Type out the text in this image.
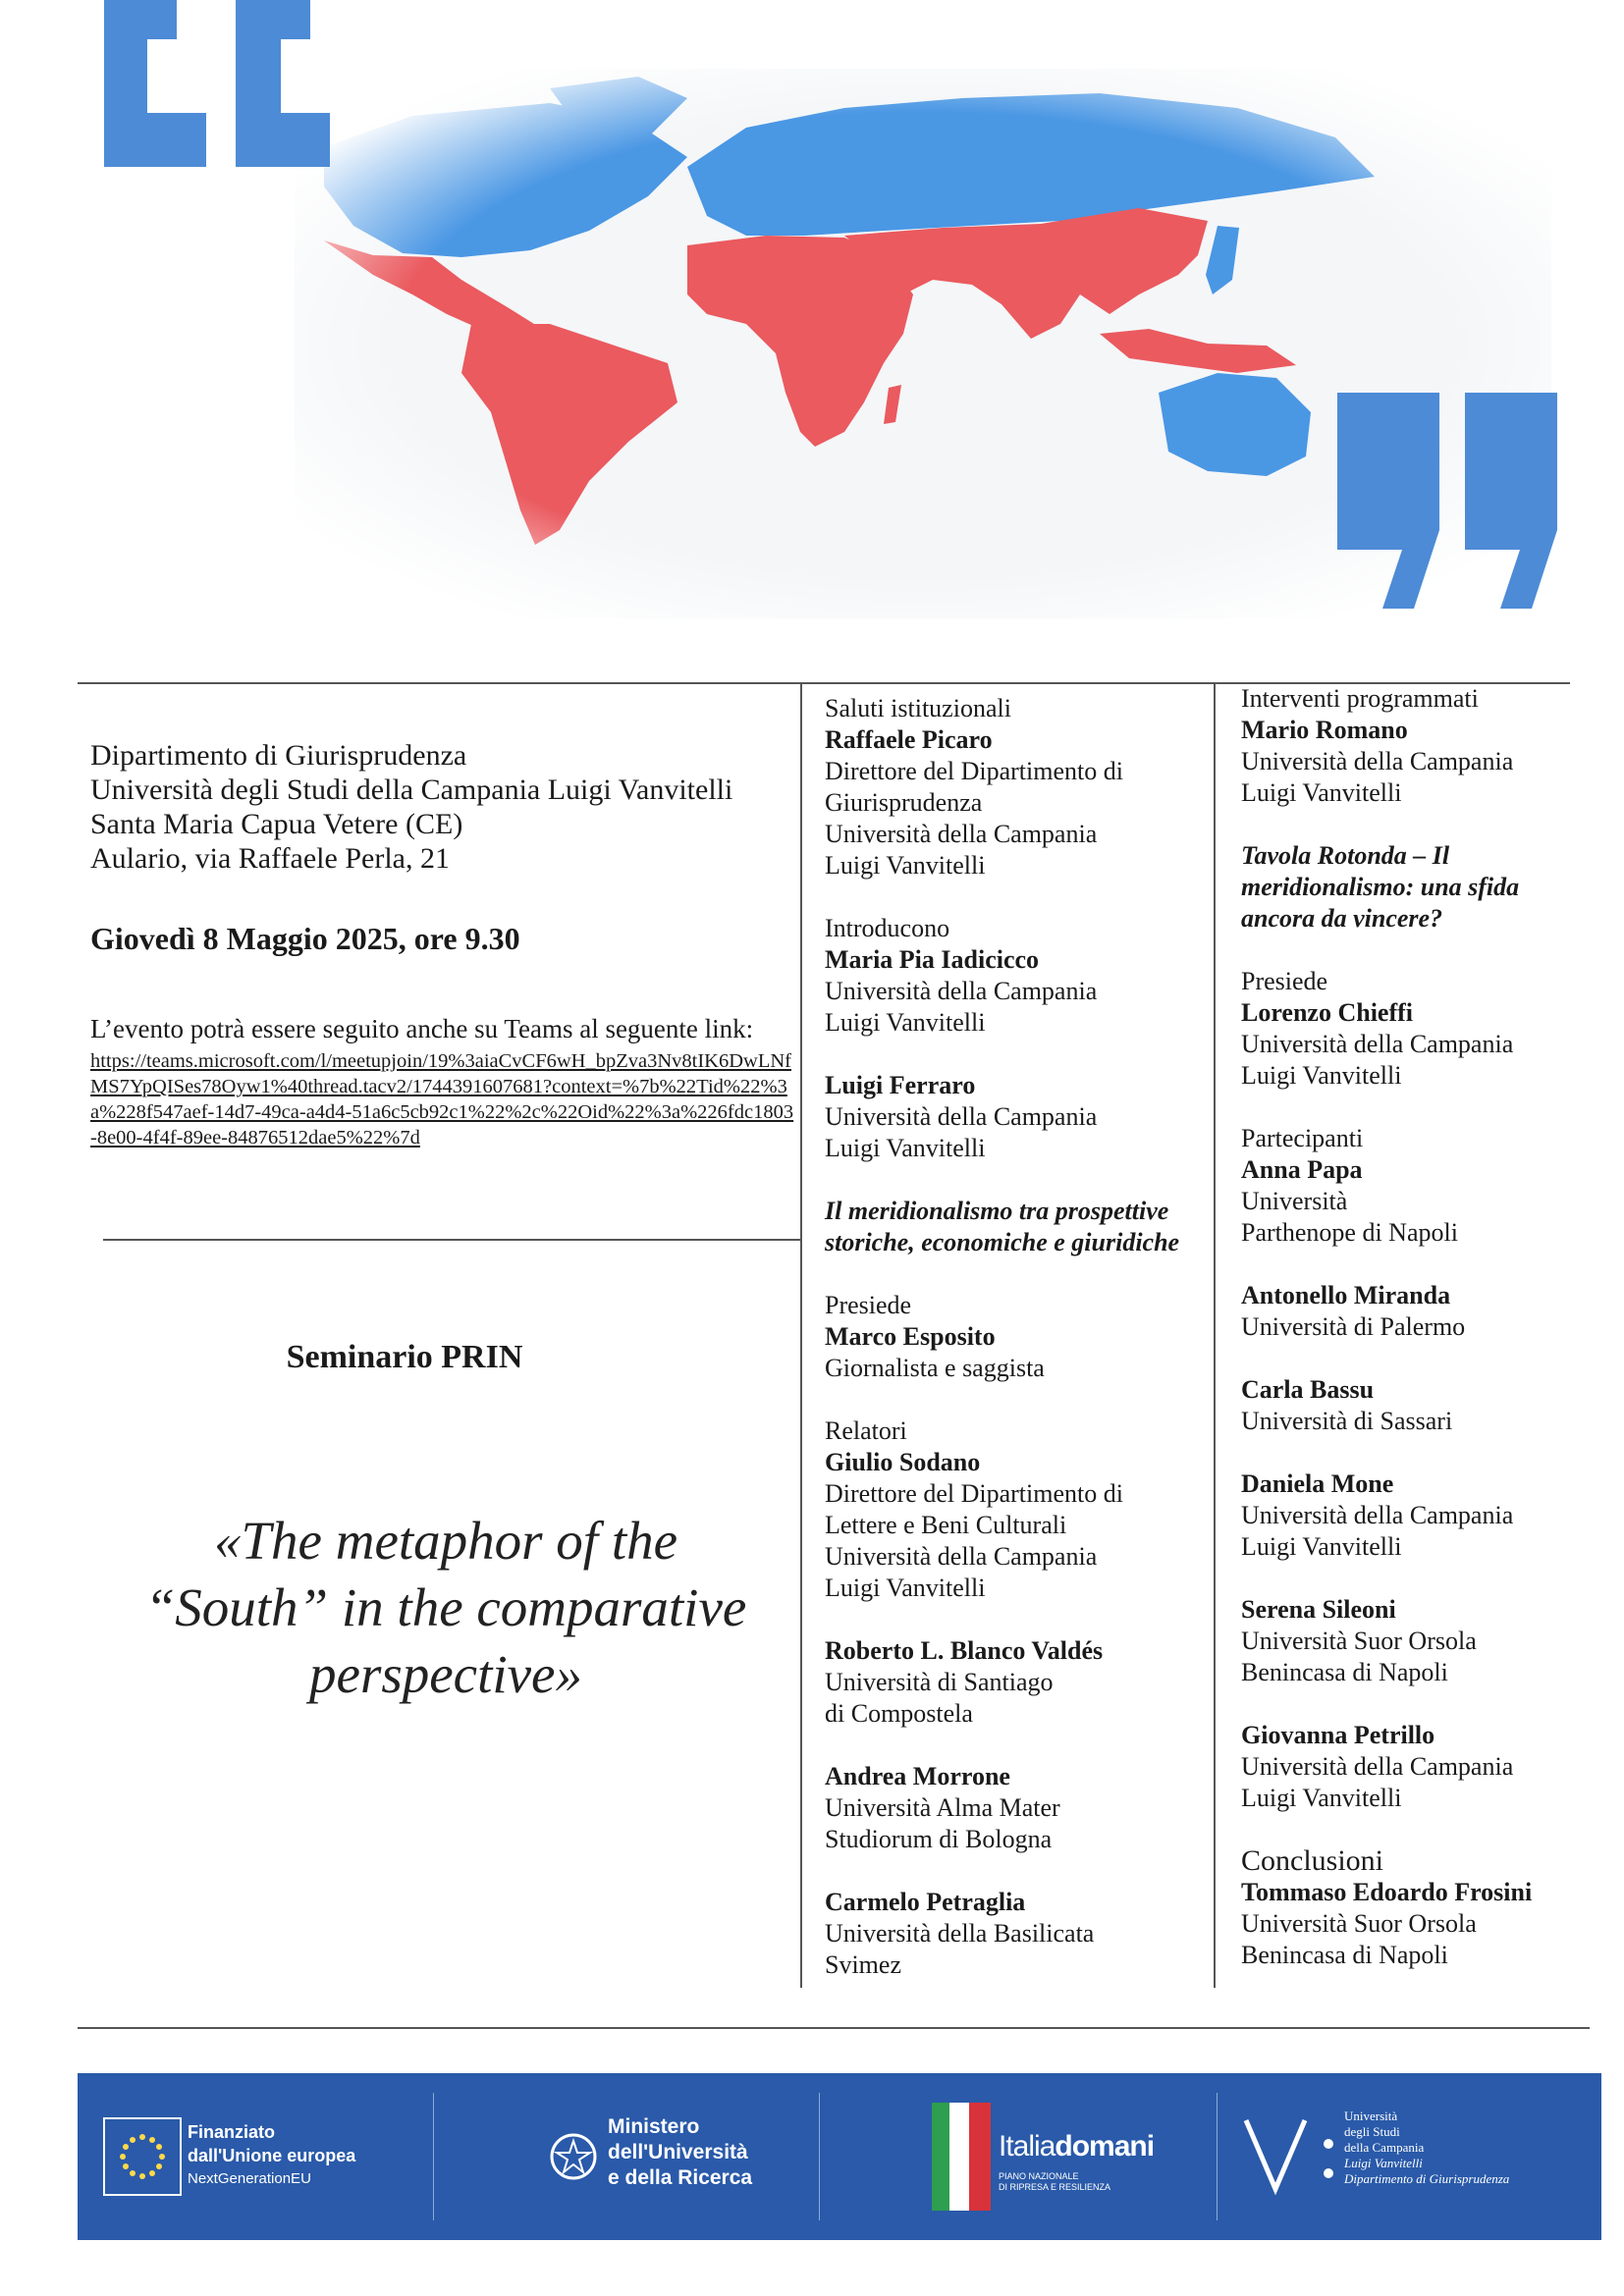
Dipartimento di Giurisprudenza
Università degli Studi della Campania Luigi Vanvitelli
Santa Maria Capua Vetere (CE)
Aulario, via Raffaele Perla, 21
Giovedì 8 Maggio 2025, ore 9.30
L’evento potrà essere seguito anche su Teams al seguente link:
https://teams.microsoft.com/l/meetupjoin/19%3aiaCvCF6wH_bpZva3Nv8tIK6DwLNfMS7YpQISes78Oyw1%40thread.tacv2/1744391607681?context=%7b%22Tid%22%3a%228f547aef-14d7-49ca-a4d4-51a6c5cb92c1%22%2c%22Oid%22%3a%226fdc1803-8e00-4f4f-89ee-84876512dae5%22%7d
Seminario PRIN
«The metaphor of the
“South” in the comparative
perspective»
Saluti istituzionali
Raffaele Picaro
Direttore del Dipartimento di
Giurisprudenza
Università della Campania
Luigi Vanvitelli
Introducono
Maria Pia Iadicicco
Università della Campania
Luigi Vanvitelli
Luigi Ferraro
Università della Campania
Luigi Vanvitelli
Il meridionalismo tra prospettive
storiche, economiche e giuridiche
Presiede
Marco Esposito
Giornalista e saggista
Relatori
Giulio Sodano
Direttore del Dipartimento di
Lettere e Beni Culturali
Università della Campania
Luigi Vanvitelli
Roberto L. Blanco Valdés
Università di Santiago
di Compostela
Andrea Morrone
Università Alma Mater
Studiorum di Bologna
Carmelo Petraglia
Università della Basilicata
Svimez
Interventi programmati
Mario Romano
Università della Campania
Luigi Vanvitelli
Tavola Rotonda – Il
meridionalismo: una sfida
ancora da vincere?
Presiede
Lorenzo Chieffi
Università della Campania
Luigi Vanvitelli
Partecipanti
Anna Papa
Università
Parthenope di Napoli
Antonello Miranda
Università di Palermo
Carla Bassu
Università di Sassari
Daniela Mone
Università della Campania
Luigi Vanvitelli
Serena Sileoni
Università Suor Orsola
Benincasa di Napoli
Giovanna Petrillo
Università della Campania
Luigi Vanvitelli
Conclusioni
Tommaso Edoardo Frosini
Università Suor Orsola
Benincasa di Napoli
Finanziato
dall'Unione europea
NextGenerationEU
Ministero
dell'Università
e della Ricerca
Italiadomani
PIANO NAZIONALE
DI RIPRESA E RESILIENZA
Università
degli Studi
della Campania
Luigi Vanvitelli
Dipartimento di Giurisprudenza
